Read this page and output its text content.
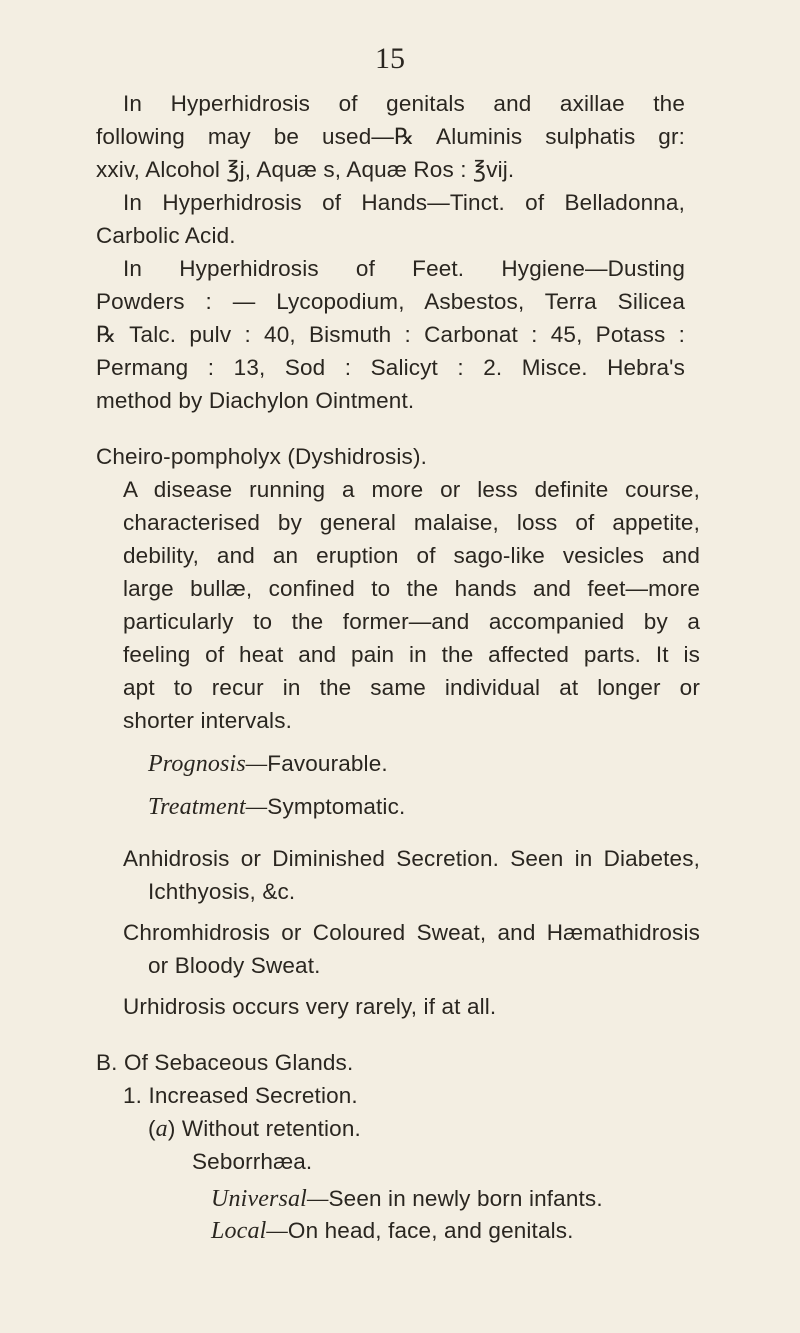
15
In Hyperhidrosis of genitals and axillae the
following may be used—℞ Aluminis sulphatis gr:
xxiv, Alcohol ℥j, Aquæ s, Aquæ Ros : ℥vij.
In Hyperhidrosis of Hands—Tinct. of Belladonna,
Carbolic Acid.
In Hyperhidrosis of Feet. Hygiene—Dusting
Powders : — Lycopodium, Asbestos, Terra Silicea
℞ Talc. pulv : 40, Bismuth : Carbonat : 45, Potass :
Permang : 13, Sod : Salicyt : 2. Misce. Hebra's
method by Diachylon Ointment.
Cheiro-pompholyx (Dyshidrosis).
A disease running a more or less definite course,
characterised by general malaise, loss of appetite,
debility, and an eruption of sago-like vesicles and
large bullæ, confined to the hands and feet—more
particularly to the former—and accompanied by a
feeling of heat and pain in the affected parts. It is
apt to recur in the same individual at longer or
shorter intervals.
Prognosis—Favourable.
Treatment—Symptomatic.
Anhidrosis or Diminished Secretion. Seen in Diabetes,
Ichthyosis, &c.
Chromhidrosis or Coloured Sweat, and Hæmathidrosis
or Bloody Sweat.
Urhidrosis occurs very rarely, if at all.
B. Of Sebaceous Glands.
1. Increased Secretion.
(a) Without retention.
Seborrhæa.
Universal—Seen in newly born infants.
Local—On head, face, and genitals.
